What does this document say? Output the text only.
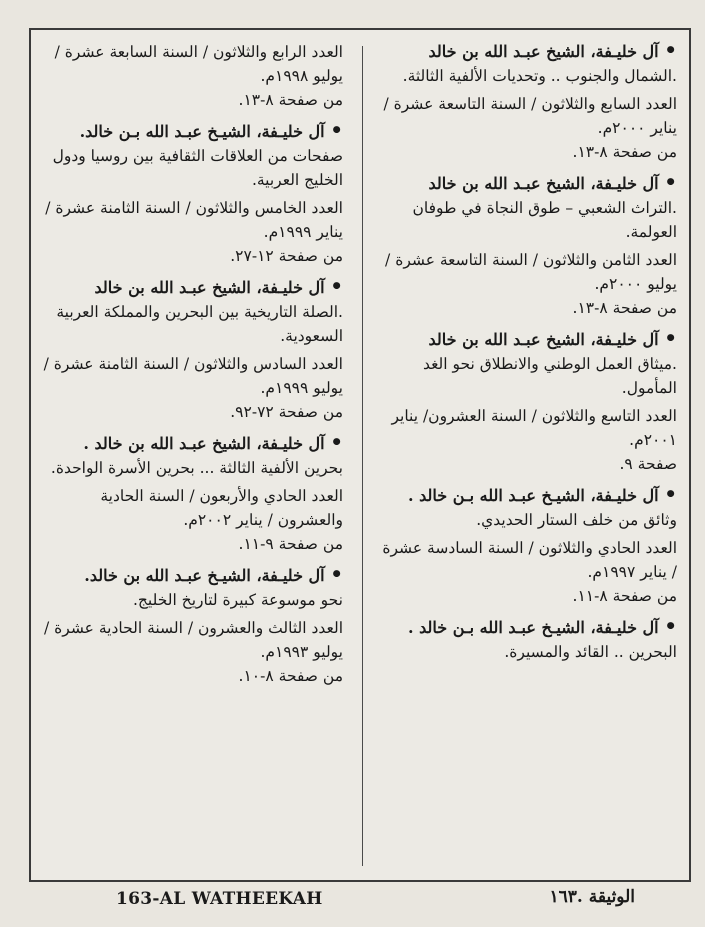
• آل خليـفة، الشيخ عبـد الله بن خالد
.الشمال والجنوب .. وتحديات الألفية الثالثة.
العدد السابع والثلاثون / السنة التاسعة عشرة / يناير ٢٠٠٠م.
من صفحة ٨-١٣.
• آل خليـفة، الشيخ عبـد الله بن خالد
.التراث الشعبي – طوق النجاة في طوفان العولمة.
العدد الثامن والثلاثون / السنة التاسعة عشرة / يوليو ٢٠٠٠م.
من صفحة ٨-١٣.
• آل خليـفة، الشيخ عبـد الله بن خالد
.ميثاق العمل الوطني والانطلاق نحو الغد المأمول.
العدد التاسع والثلاثون / السنة العشرون/ يناير ٢٠٠١م.
صفحة ٩.
• آل خليـفة، الشيـخ عبـد الله بـن خالد .
وثائق من خلف الستار الحديدي.
العدد الحادي والثلاثون / السنة السادسة عشرة / يناير ١٩٩٧م.
من صفحة ٨-١١.
• آل خليـفة، الشيـخ عبـد الله بـن خالد .
البحرين .. القائد والمسيرة.
العدد الرابع والثلاثون / السنة السابعة عشرة / يوليو ١٩٩٨م.
من صفحة ٨-١٣.
• آل خليـفة، الشيـخ عبـد الله بـن خالد.
صفحات من العلاقات الثقافية بين روسيا ودول الخليج العربية.
العدد الخامس والثلاثون / السنة الثامنة عشرة / يناير ١٩٩٩م.
من صفحة ١٢-٢٧.
• آل خليـفة، الشيخ عبـد الله بن خالد
.الصلة التاريخية بين البحرين والمملكة العربية السعودية.
العدد السادس والثلاثون / السنة الثامنة عشرة / يوليو ١٩٩٩م.
من صفحة ٧٢-٩٢.
• آل خليـفة، الشيخ عبـد الله بن خالد .
بحرين الألفية الثالثة ... بحرين الأسرة الواحدة.
العدد الحادي والأربعون / السنة الحادية والعشرون / يناير ٢٠٠٢م.
من صفحة ٩-١١.
• آل خليـفة، الشيـخ عبـد الله بن خالد.
نحو موسوعة كبيرة لتاريخ الخليج.
العدد الثالث والعشرون / السنة الحادية عشرة / يوليو ١٩٩٣م.
من صفحة ٨-١٠.
163-AL WATHEEKAH	الوثيقة .١٦٣
